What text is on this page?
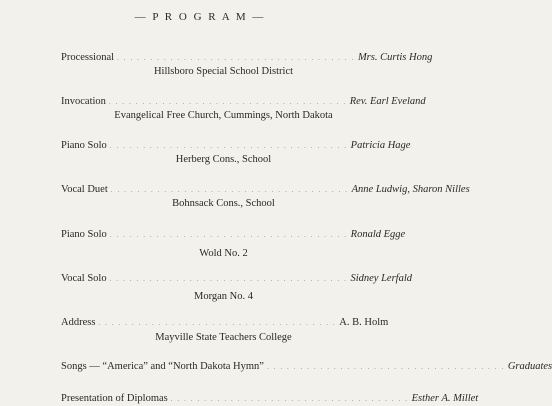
— P R O G R A M —
Processional . . . . . . . . . . . . . . . . . . . . . . . . . . . . . . . . . . . . Mrs. Curtis Hong
Hillsboro Special School District
Invocation . . . . . . . . . . . . . . . . . . . . . . . . . . . . . . . . . . . . Rev. Earl Eveland
Evangelical Free Church, Cummings, North Dakota
Piano Solo . . . . . . . . . . . . . . . . . . . . . . . . . . . . . . . . . . . . Patricia Hage
Herberg Cons., School
Vocal Duet . . . . . . . . . . . . . . . . . . . . . . . . . . . . . . . . . . . . Anne Ludwig, Sharon Nilles
Bohnsack Cons., School
Piano Solo . . . . . . . . . . . . . . . . . . . . . . . . . . . . . . . . . . . . Ronald Egge
Wold No. 2
Vocal Solo . . . . . . . . . . . . . . . . . . . . . . . . . . . . . . . . . . . . Sidney Lerfald
Morgan No. 4
Address . . . . . . . . . . . . . . . . . . . . . . . . . . . . . . . . . . . . A. B. Holm
Mayville State Teachers College
Songs — “America” and “North Dakota Hymn” . . . . . . . . . . . . . . . . . . . . . . . . . . . . . . . . . . . . Graduates
Presentation of Diplomas . . . . . . . . . . . . . . . . . . . . . . . . . . . . . . . . . . . . Esther A. Millet
